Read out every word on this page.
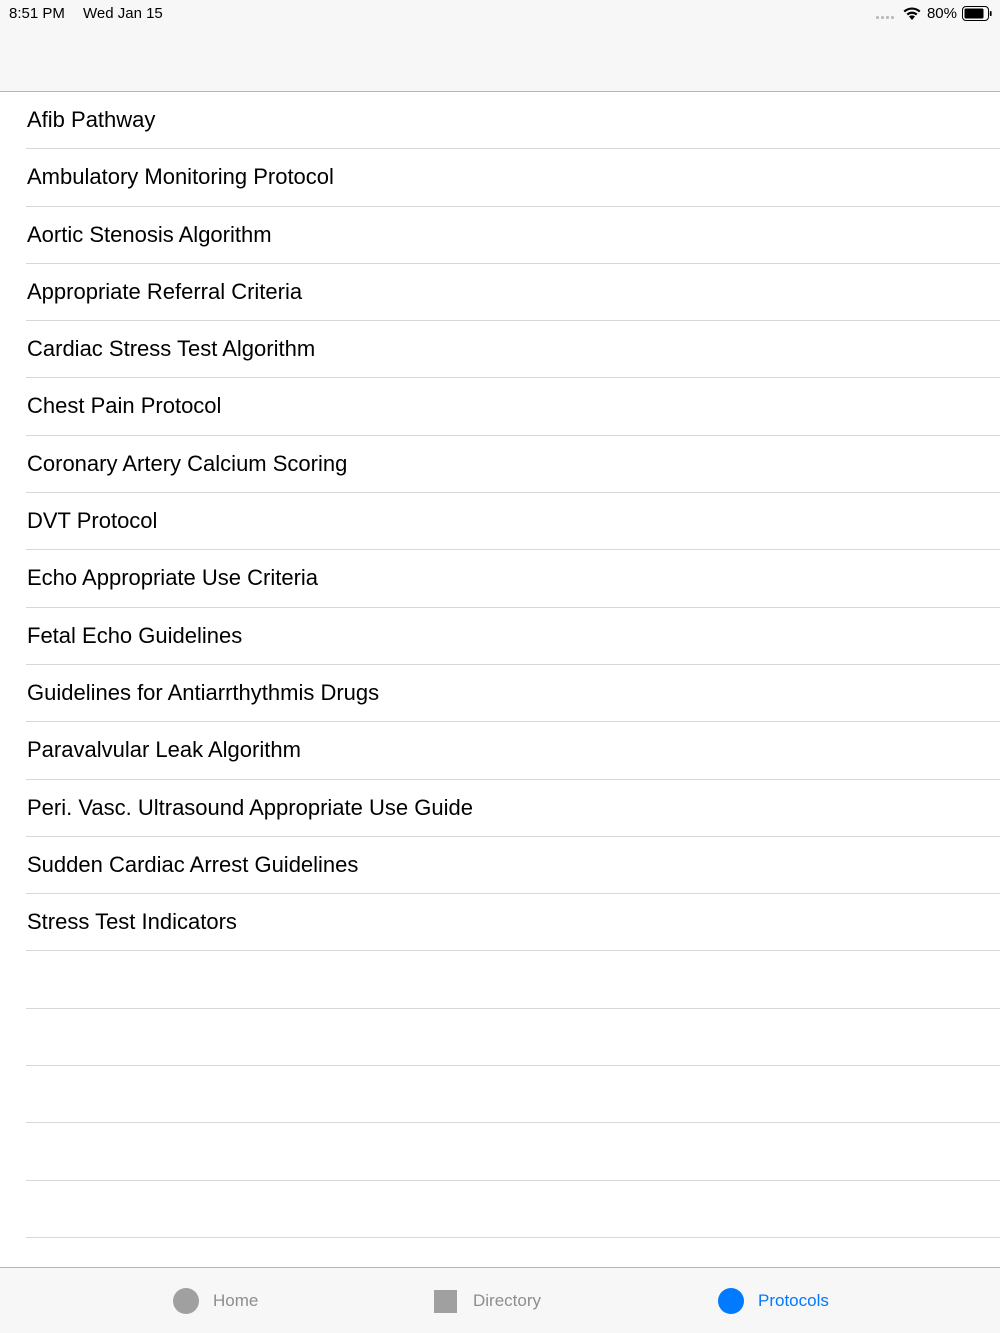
8:51 PM Wed Jan 15	80%
Afib Pathway
Ambulatory Monitoring Protocol
Aortic Stenosis Algorithm
Appropriate Referral Criteria
Cardiac Stress Test Algorithm
Chest Pain Protocol
Coronary Artery Calcium Scoring
DVT Protocol
Echo Appropriate Use Criteria
Fetal Echo Guidelines
Guidelines for Antiarrthythmis Drugs
Paravalvular Leak Algorithm
Peri. Vasc. Ultrasound Appropriate Use Guide
Sudden Cardiac Arrest Guidelines
Stress Test Indicators
Home	Directory	Protocols
